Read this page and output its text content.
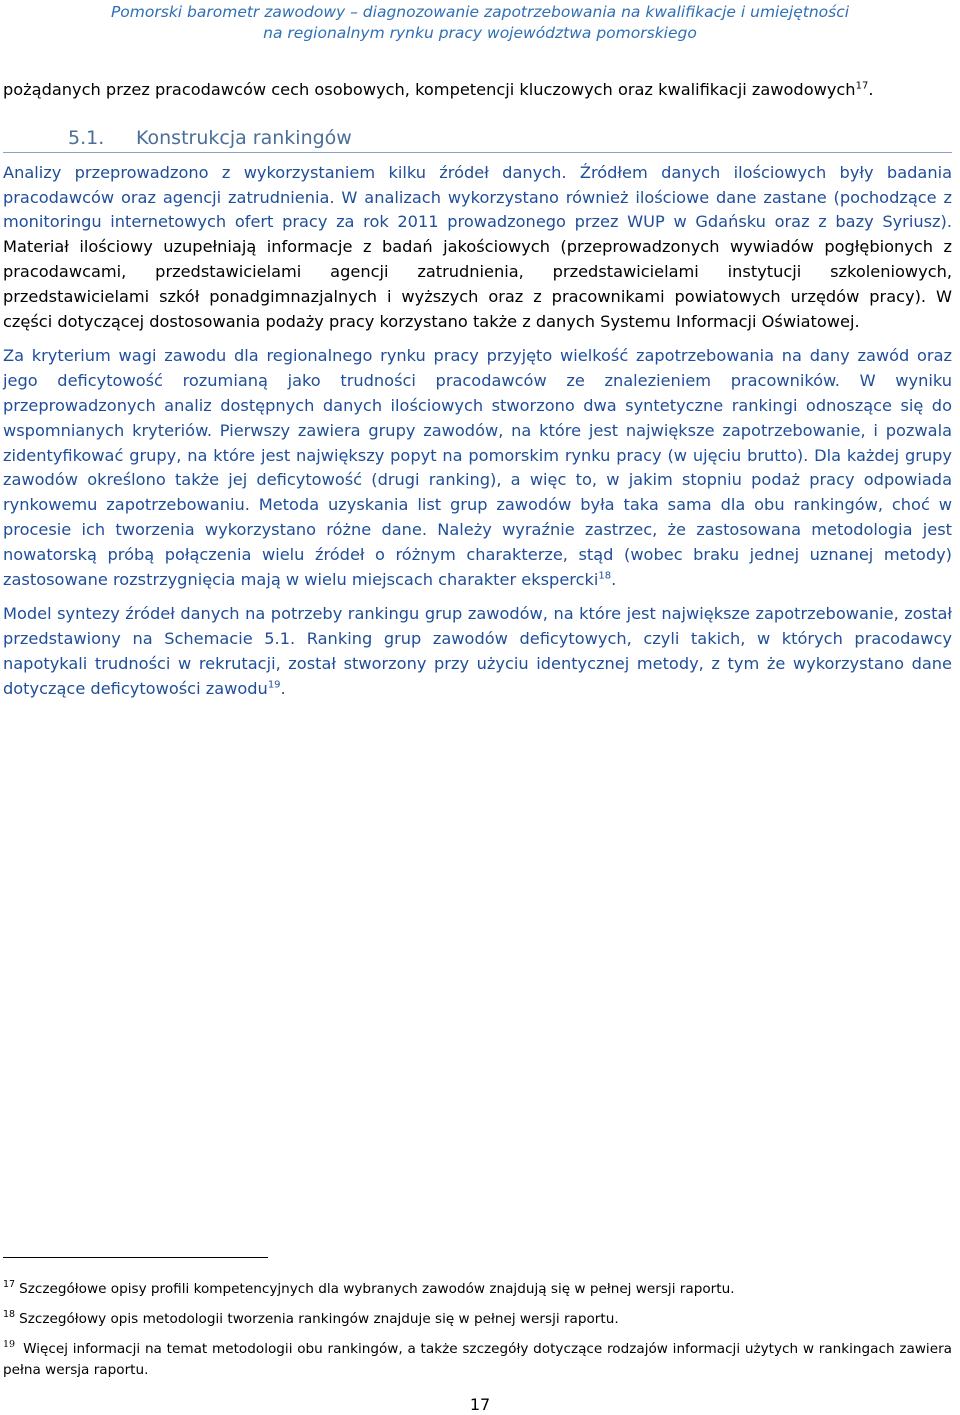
Pomorski barometr zawodowy – diagnozowanie zapotrzebowania na kwalifikacje i umiejętności
na regionalnym rynku pracy województwa pomorskiego

pożądanych przez pracodawców cech osobowych, kompetencji kluczowych oraz kwalifikacji zawodowych$^{17}$.

5.1.	Konstrukcja rankingów

Analizy przeprowadzono z wykorzystaniem kilku źródeł danych. Źródłem danych ilościowych były badania pracodawców oraz agencji zatrudnienia. W analizach wykorzystano również ilościowe dane zastane (pochodzące z monitoringu internetowych ofert pracy za rok 2011 prowadzonego przez WUP w Gdańsku oraz z bazy Syriusz). Materiał ilościowy uzupełniają informacje z badań jakościowych (przeprowadzonych wywiadów pogłębionych z pracodawcami, przedstawicielami agencji zatrudnienia, przedstawicielami instytucji szkoleniowych, przedstawicielami szkół ponadgimnazjalnych i wyższych oraz z pracownikami powiatowych urzędów pracy). W części dotyczącej dostosowania podaży pracy korzystano także z danych Systemu Informacji Oświatowej.

Za kryterium wagi zawodu dla regionalnego rynku pracy przyjęto wielkość zapotrzebowania na dany zawód oraz jego deficytowość rozumianą jako trudności pracodawców ze znalezieniem pracowników. W wyniku przeprowadzonych analiz dostępnych danych ilościowych stworzono dwa syntetyczne rankingi odnoszące się do wspomnianych kryteriów. Pierwszy zawiera grupy zawodów, na które jest największe zapotrzebowanie, i pozwala zidentyfikować grupy, na które jest największy popyt na pomorskim rynku pracy (w ujęciu brutto). Dla każdej grupy zawodów określono także jej deficytowość (drugi ranking), a więc to, w jakim stopniu podaż pracy odpowiada rynkowemu zapotrzebowaniu. Metoda uzyskania list grup zawodów była taka sama dla obu rankingów, choć w procesie ich tworzenia wykorzystano różne dane. Należy wyraźnie zastrzec, że zastosowana metodologia jest nowatorską próbą połączenia wielu źródeł o różnym charakterze, stąd (wobec braku jednej uznanej metody) zastosowane rozstrzygnięcia mają w wielu miejscach charakter ekspercki$^{18}$.

Model syntezy źródeł danych na potrzeby rankingu grup zawodów, na które jest największe zapotrzebowanie, został przedstawiony na Schemacie 5.1. Ranking grup zawodów deficytowych, czyli takich, w których pracodawcy napotykali trudności w rekrutacji, został stworzony przy użyciu identycznej metody, z tym że wykorzystano dane dotyczące deficytowości zawodu$^{19}$.

$^{17}$ Szczegółowe opisy profili kompetencyjnych dla wybranych zawodów znajdują się w pełnej wersji raportu.

$^{18}$ Szczegółowy opis metodologii tworzenia rankingów znajduje się w pełnej wersji raportu.

$^{19}$ Więcej informacji na temat metodologii obu rankingów, a także szczegóły dotyczące rodzajów informacji użytych w rankingach zawiera pełna wersja raportu.

17
